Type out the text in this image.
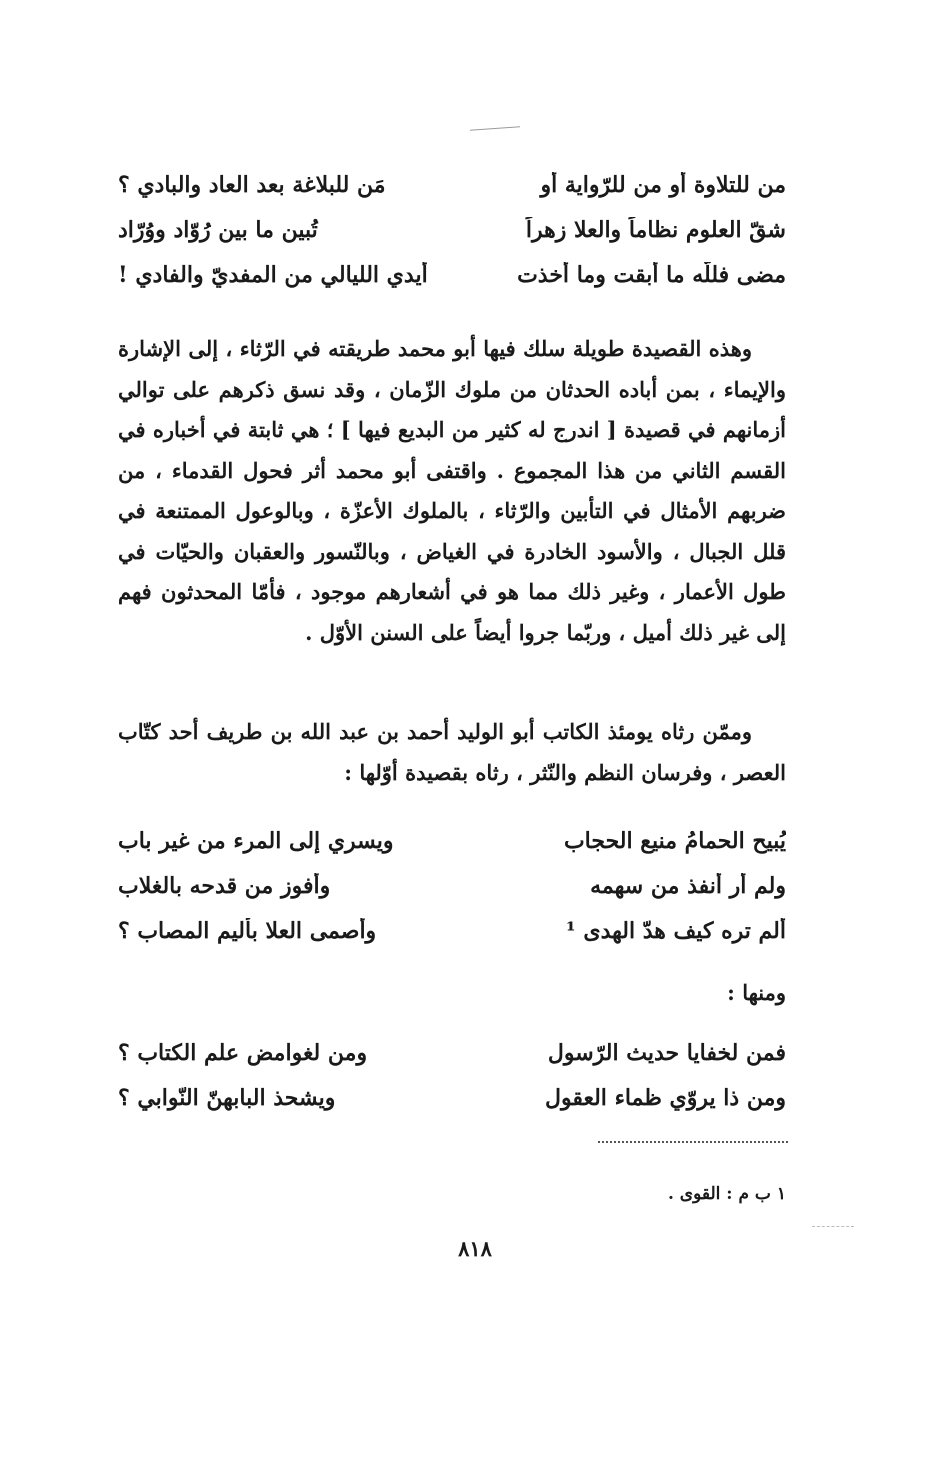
من للتلاوة أو من للرّواية أو
مَن للبلاغة بعد العاد والبادي ؟
شقّ العلوم نظاماً والعلا زهراً
تُبين ما بين رُوّاد ووُرّاد
مضى فللّه ما أبقت وما أخذت
أيدي الليالي من المفديّ والفادي !

وهذه القصيدة طويلة سلك فيها أبو محمد طريقته في الرّثاء ، إلى الإشارة والإيماء ، بمن أباده الحدثان من ملوك الزّمان ، وقد نسق ذكرهم على توالي أزمانهم في قصيدة [ اندرج له كثير من البديع فيها ] ؛ هي ثابتة في أخباره في القسم الثاني من هذا المجموع . واقتفى أبو محمد أثر فحول القدماء ، من ضربهم الأمثال في التأبين والرّثاء ، بالملوك الأعزّة ، وبالوعول الممتنعة في قلل الجبال ، والأسود الخادرة في الغياض ، وبالنّسور والعقبان والحيّات في طول الأعمار ، وغير ذلك مما هو في أشعارهم موجود ، فأمّا المحدثون فهم إلى غير ذلك أميل ، وربّما جروا أيضاً على السنن الأوّل .

وممّن رثاه يومئذ الكاتب أبو الوليد أحمد بن عبد الله بن طريف أحد كتّاب العصر ، وفرسان النظم والنّثر ، رثاه بقصيدة أوّلها :

يُبيح الحمامُ منيع الحجاب
ويسري إلى المرء من غير باب
ولم أر أنفذ من سهمه
وأفوز من قدحه بالغلاب
ألم تره كيف هدّ الهدى ¹
وأصمى العلا بأليم المصاب ؟
ومنها :
فمن لخفايا حديث الرّسول
ومن لغوامض علم الكتاب ؟
ومن ذا يروّي ظماء العقول
ويشحذ البابهنّ النّوابي ؟
١ ب م : القوى .
٨١٨
